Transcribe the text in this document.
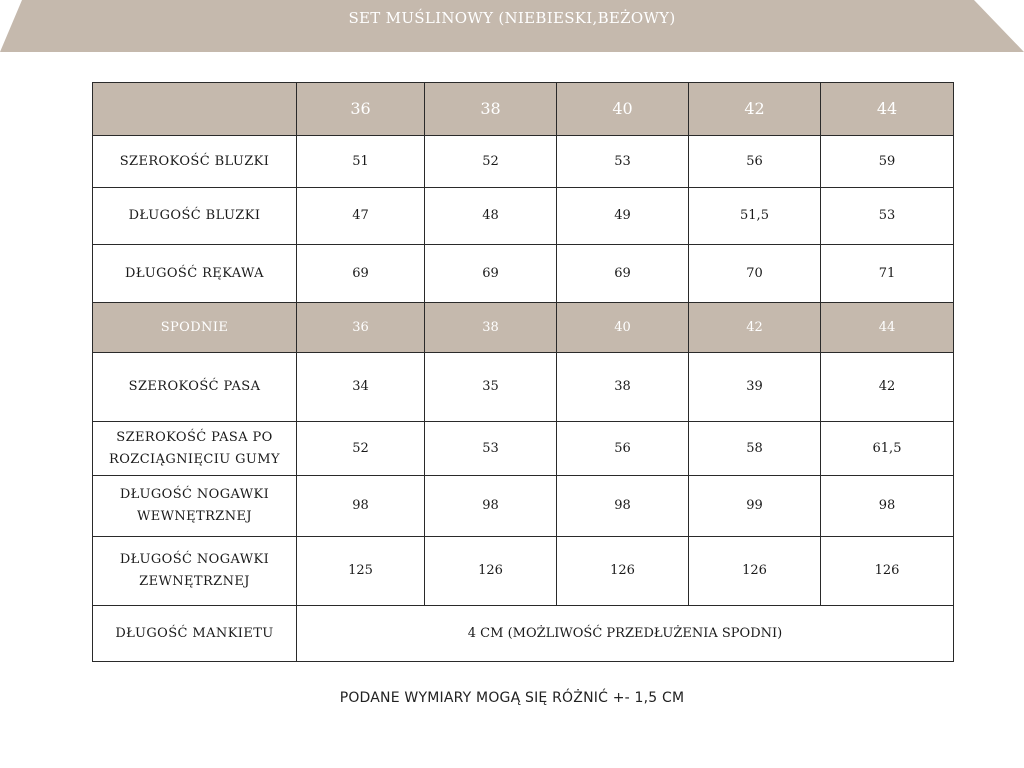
SET MUŚLINOWY (NIEBIESKI,BEŻOWY)
	36	38	40	42	44
SZEROKOŚĆ BLUZKI	51	52	53	56	59
DŁUGOŚĆ BLUZKI	47	48	49	51,5	53
DŁUGOŚĆ RĘKAWA	69	69	69	70	71
SPODNIE	36	38	40	42	44
SZEROKOŚĆ PASA	34	35	38	39	42
SZEROKOŚĆ PASA PO ROZCIĄGNIĘCIU GUMY	52	53	56	58	61,5
DŁUGOŚĆ NOGAWKI WEWNĘTRZNEJ	98	98	98	99	98
DŁUGOŚĆ NOGAWKI ZEWNĘTRZNEJ	125	126	126	126	126
DŁUGOŚĆ MANKIETU	4 CM (MOŻLIWOŚĆ PRZEDŁUŻENIA SPODNI)				
PODANE WYMIARY MOGĄ SIĘ RÓŻNIĆ +- 1,5 CM
